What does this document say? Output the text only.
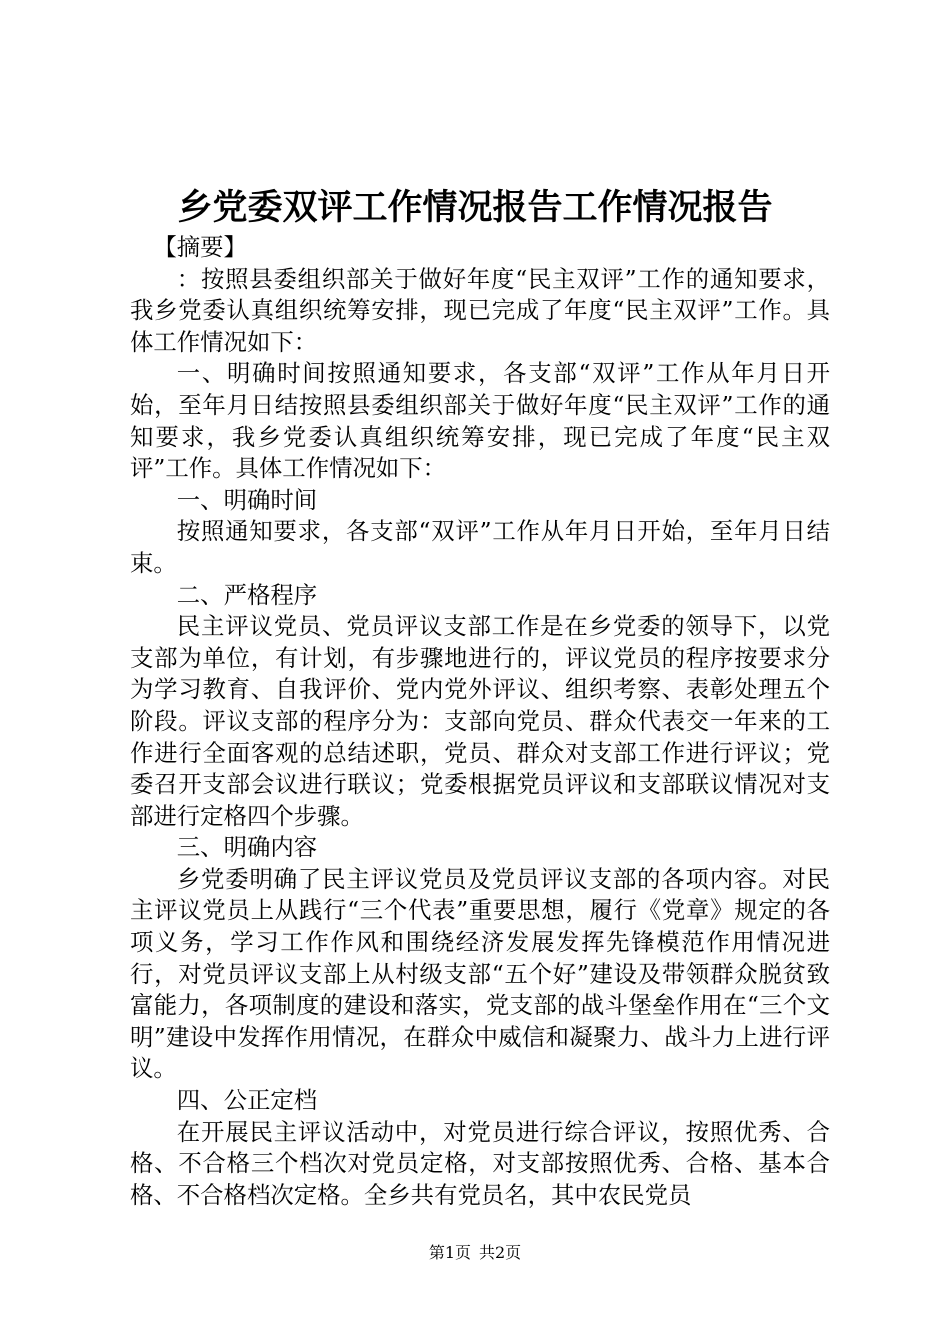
乡党委双评工作情况报告工作情况报告

【摘要】

：按照县委组织部关于做好年度“民主双评”工作的通知要求，我乡党委认真组织统筹安排，现已完成了年度“民主双评”工作。具体工作情况如下：

一、明确时间按照通知要求，各支部“双评”工作从年月日开始，至年月日结按照县委组织部关于做好年度“民主双评”工作的通知要求，我乡党委认真组织统筹安排，现已完成了年度“民主双评”工作。具体工作情况如下：

一、明确时间

按照通知要求，各支部“双评”工作从年月日开始，至年月日结束。

二、严格程序

民主评议党员、党员评议支部工作是在乡党委的领导下，以党支部为单位，有计划，有步骤地进行的，评议党员的程序按要求分为学习教育、自我评价、党内党外评议、组织考察、表彰处理五个阶段。评议支部的程序分为：支部向党员、群众代表交一年来的工作进行全面客观的总结述职，党员、群众对支部工作进行评议；党委召开支部会议进行联议；党委根据党员评议和支部联议情况对支部进行定格四个步骤。

三、明确内容

乡党委明确了民主评议党员及党员评议支部的各项内容。对民主评议党员上从践行“三个代表”重要思想，履行《党章》规定的各项义务，学习工作作风和围绕经济发展发挥先锋模范作用情况进行，对党员评议支部上从村级支部“五个好”建设及带领群众脱贫致富能力，各项制度的建设和落实，党支部的战斗堡垒作用在“三个文明”建设中发挥作用情况，在群众中威信和凝聚力、战斗力上进行评议。

四、公正定档

在开展民主评议活动中，对党员进行综合评议，按照优秀、合格、不合格三个档次对党员定格，对支部按照优秀、合格、基本合格、不合格档次定格。全乡共有党员名，其中农民党员

第1页 共2页
